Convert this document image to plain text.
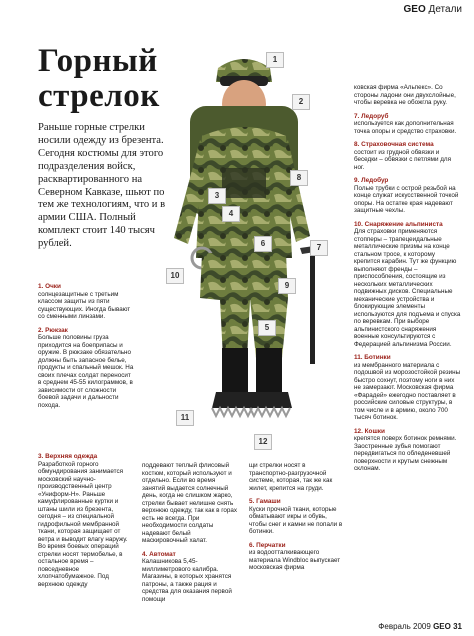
GEO Детали
Горный
стрелок

Раньше горные стрелки носили одежду из брезента. Сегодня костюмы для этого подразделения войск, расквартированного на Северном Кавказе, шьют по тем же технологиям, что и в армии США. Полный комплект стоит 140 тысяч рублей.

1
2
3
4
5
6	7
8
9
10
11
12
1. Очки

солнцезащитные с третьим классом защиты из пяти существующих. Иногда бывают со сменными линзами.

2. Рюкзак

Больше половины груза приходится на боеприпасы и оружие. В рюкзаке обязательно должны быть запасное белье, продукты и спальный мешок. На своих плечах солдат переносит в среднем 45-55 килограммов, в зависимости от сложности боевой задачи и дальности похода.

3. Верхняя одежда

Разработкой горного обмундирования занимается московский научно-производственный центр «Униформ-Н». Раньше камуфлированные куртки и штаны шили из брезента, сегодня – из специальной гидрофильной мембранной ткани, которая защищает от ветра и выводит влагу наружу. Во время боевых операций стрелки носят термобелье, в остальное время – повседневное хлопчатобумажное. Под верхнюю одежду

поддевают теплый флисовый костюм, который используют и отдельно. Если во время занятий выдается солнечный день, когда не слишком жарко, стрелки бывает нелишне снять верхнюю одежду, так как в горах есть не всегда. При необходимости солдаты надевают белый маскировочный халат.

4. Автомат

Калашникова 5,45-миллиметрового калибра. Магазины, в которых хранятся патроны, а также рация и средства для оказания первой помощи

щи стрелки носят в транспортно-разгрузочной системе, которая, так же как жилет, крепится на груди.

5. Гамаши

Куски прочной ткани, которые обматывают икры и обувь, чтобы снег и камни не попали в ботинки.

6. Перчатки

из водоотталкивающего материала Windbloc выпускает московская фирма

ковская фирма «Альпекс». Со стороны ладони они двухслойные, чтобы веревка не обожгла руку.

7. Ледоруб

используется как дополнительная точка опоры и средство страховки.

8. Страховочная система

состоит из грудной обвязки и беседки – обвязки с петлями для ног.

9. Ледобур

Полые трубки с острой резьбой на конце служат искусственной точкой опоры. На остатке края надевают защитные чехлы.

10. Снаряжение альпиниста

Для страховки применяются стопперы – трапецеидальные металлические призмы на конце стальном тросе, к которому крепится карабин. Тут же функцию выполняют френды – приспособления, состоящие из нескольких металлических подвижных дисков. Специальные механические устройства и блокирующие элементы используются для подъема и спуска по веревкам. При выборе альпинистского снаряжения военные консультируются с Федерацией альпинизма России.

11. Ботинки

из мембранного материала с подошвой из морозостойкой резины быстро сохнут, поэтому ноги в них не замерзают. Московская фирма «Фарадей» ежегодно поставляет в российские силовые структуры, в том числе и в армию, около 700 тысяч ботинок.

12. Кошки

крепятся поверх ботинок ремнями. Заостренные зубья помогают передвигаться по обледеневшей поверхности и крутым снежным склонам.

Февраль 2009 GEO 31
